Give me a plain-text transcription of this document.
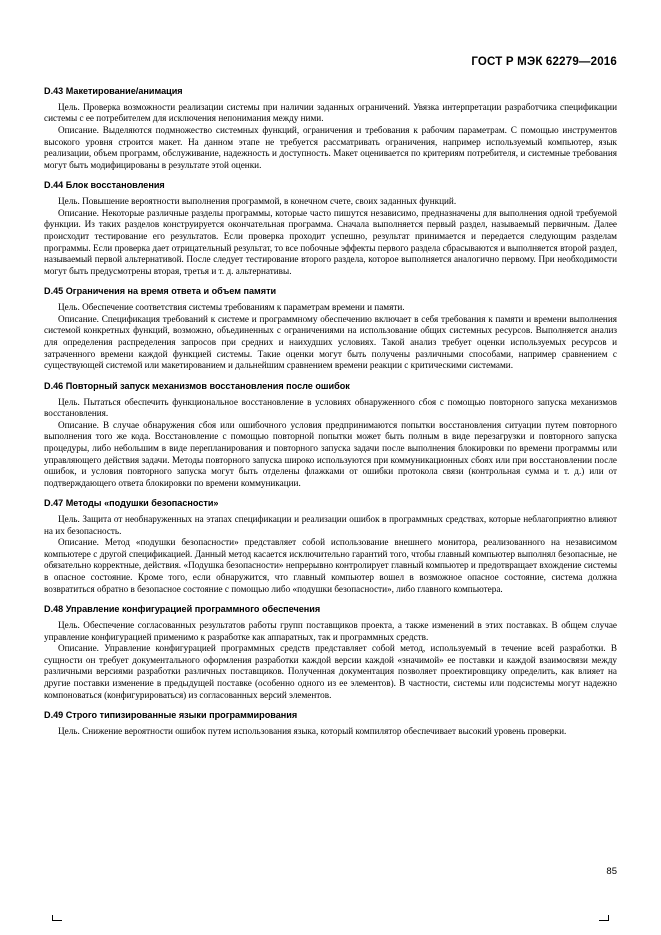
ГОСТ Р МЭК 62279—2016
D.43 Макетирование/анимация

Цель. Проверка возможности реализации системы при наличии заданных ограничений. Увязка интерпретации разработчика спецификации системы с ее потребителем для исключения непонимания между ними.

Описание. Выделяются подмножество системных функций, ограничения и требования к рабочим параметрам. С помощью инструментов высокого уровня строится макет. На данном этапе не требуется рассматривать ограничения, например используемый компьютер, язык реализации, объем программ, обслуживание, надежность и доступность. Макет оценивается по критериям потребителя, и системные требования могут быть модифицированы в результате этой оценки.

D.44 Блок восстановления

Цель. Повышение вероятности выполнения программой, в конечном счете, своих заданных функций.

Описание. Некоторые различные разделы программы, которые часто пишутся независимо, предназначены для выполнения одной требуемой функции. Из таких разделов конструируется окончательная программа. Сначала выполняется первый раздел, называемый первичным. Далее происходит тестирование его результатов. Если проверка проходит успешно, результат принимается и передается следующим разделам программы. Если проверка дает отрицательный результат, то все побочные эффекты первого раздела сбрасываются и выполняется второй раздел, называемый первой альтернативой. После следует тестирование второго раздела, которое выполняется аналогично первому. При необходимости могут быть предусмотрены вторая, третья и т. д. альтернативы.

D.45 Ограничения на время ответа и объем памяти

Цель. Обеспечение соответствия системы требованиям к параметрам времени и памяти.

Описание. Спецификация требований к системе и программному обеспечению включает в себя требования к памяти и времени выполнения системой конкретных функций, возможно, объединенных с ограничениями на использование общих системных ресурсов. Выполняется анализ для определения распределения запросов при средних и наихудших условиях. Такой анализ требует оценки используемых ресурсов и затраченного времени каждой функцией системы. Такие оценки могут быть получены различными способами, например сравнением с существующей системой или макетированием и дальнейшим сравнением времени реакции с критическими системами.

D.46 Повторный запуск механизмов восстановления после ошибок

Цель. Пытаться обеспечить функциональное восстановление в условиях обнаруженного сбоя с помощью повторного запуска механизмов восстановления.

Описание. В случае обнаружения сбоя или ошибочного условия предпринимаются попытки восстановления ситуации путем повторного выполнения того же кода. Восстановление с помощью повторной попытки может быть полным в виде перезагрузки и повторного запуска процедуры, либо небольшим в виде перепланирования и повторного запуска задачи после выполнения блокировки по времени программы или управляющего действия задачи. Методы повторного запуска широко используются при коммуникационных сбоях или при восстановлении после ошибок, и условия повторного запуска могут быть отделены флажками от ошибки протокола связи (контрольная сумма и т. д.) или от подтверждающего ответа блокировки по времени коммуникации.

D.47 Методы «подушки безопасности»

Цель. Защита от необнаруженных на этапах спецификации и реализации ошибок в программных средствах, которые неблагоприятно влияют на их безопасность.

Описание. Метод «подушки безопасности» представляет собой использование внешнего монитора, реализованного на независимом компьютере с другой спецификацией. Данный метод касается исключительно гарантий того, чтобы главный компьютер выполнял безопасные, не обязательно корректные, действия. «Подушка безопасности» непрерывно контролирует главный компьютер и предотвращает вхождение системы в опасное состояние. Кроме того, если обнаружится, что главный компьютер вошел в возможное опасное состояние, система должна возвратиться обратно в безопасное состояние с помощью либо «подушки безопасности», либо главного компьютера.

D.48 Управление конфигурацией программного обеспечения

Цель. Обеспечение согласованных результатов работы групп поставщиков проекта, а также изменений в этих поставках. В общем случае управление конфигурацией применимо к разработке как аппаратных, так и программных средств.

Описание. Управление конфигурацией программных средств представляет собой метод, используемый в течение всей разработки. В сущности он требует документального оформления разработки каждой версии каждой «значимой» ее поставки и каждой взаимосвязи между различными версиями разработки различных поставщиков. Полученная документация позволяет проектировщику определить, как влияет на другие поставки изменение в предыдущей поставке (особенно одного из ее элементов). В частности, системы или подсистемы могут надежно компоноваться (конфигурироваться) из согласованных версий элементов.

D.49 Строго типизированные языки программирования

Цель. Снижение вероятности ошибок путем использования языка, который компилятор обеспечивает высокий уровень проверки.

85
